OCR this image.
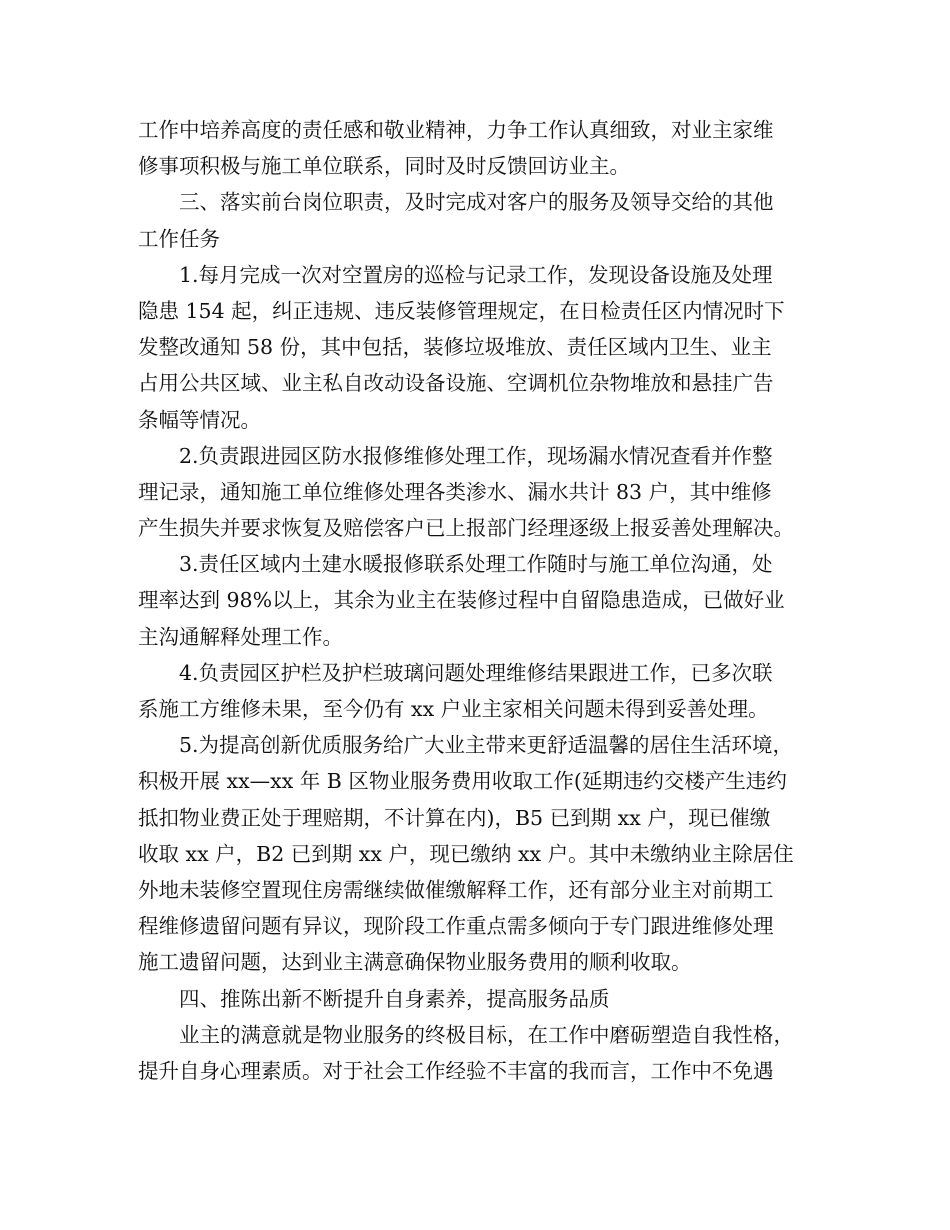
工作中培养高度的责任感和敬业精神，力争工作认真细致，对业主家维
修事项积极与施工单位联系，同时及时反馈回访业主。
三、落实前台岗位职责，及时完成对客户的服务及领导交给的其他
工作任务
1.每月完成一次对空置房的巡检与记录工作，发现设备设施及处理
隐患 154 起，纠正违规、违反装修管理规定，在日检责任区内情况时下
发整改通知 58 份，其中包括，装修垃圾堆放、责任区域内卫生、业主
占用公共区域、业主私自改动设备设施、空调机位杂物堆放和悬挂广告
条幅等情况。
2.负责跟进园区防水报修维修处理工作，现场漏水情况查看并作整
理记录，通知施工单位维修处理各类渗水、漏水共计 83 户，其中维修
产生损失并要求恢复及赔偿客户已上报部门经理逐级上报妥善处理解决。
3.责任区域内土建水暖报修联系处理工作随时与施工单位沟通，处
理率达到 98%以上，其余为业主在装修过程中自留隐患造成，已做好业
主沟通解释处理工作。
4.负责园区护栏及护栏玻璃问题处理维修结果跟进工作，已多次联
系施工方维修未果，至今仍有 xx 户业主家相关问题未得到妥善处理。
5.为提高创新优质服务给广大业主带来更舒适温馨的居住生活环境，
积极开展 xx—xx 年 B 区物业服务费用收取工作(延期违约交楼产生违约
抵扣物业费正处于理赔期，不计算在内)，B5 已到期 xx 户，现已催缴
收取 xx 户，B2 已到期 xx 户，现已缴纳 xx 户。其中未缴纳业主除居住
外地未装修空置现住房需继续做催缴解释工作，还有部分业主对前期工
程维修遗留问题有异议，现阶段工作重点需多倾向于专门跟进维修处理
施工遗留问题，达到业主满意确保物业服务费用的顺利收取。
四、推陈出新不断提升自身素养，提高服务品质
业主的满意就是物业服务的终极目标，在工作中磨砺塑造自我性格，
提升自身心理素质。对于社会工作经验不丰富的我而言，工作中不免遇
